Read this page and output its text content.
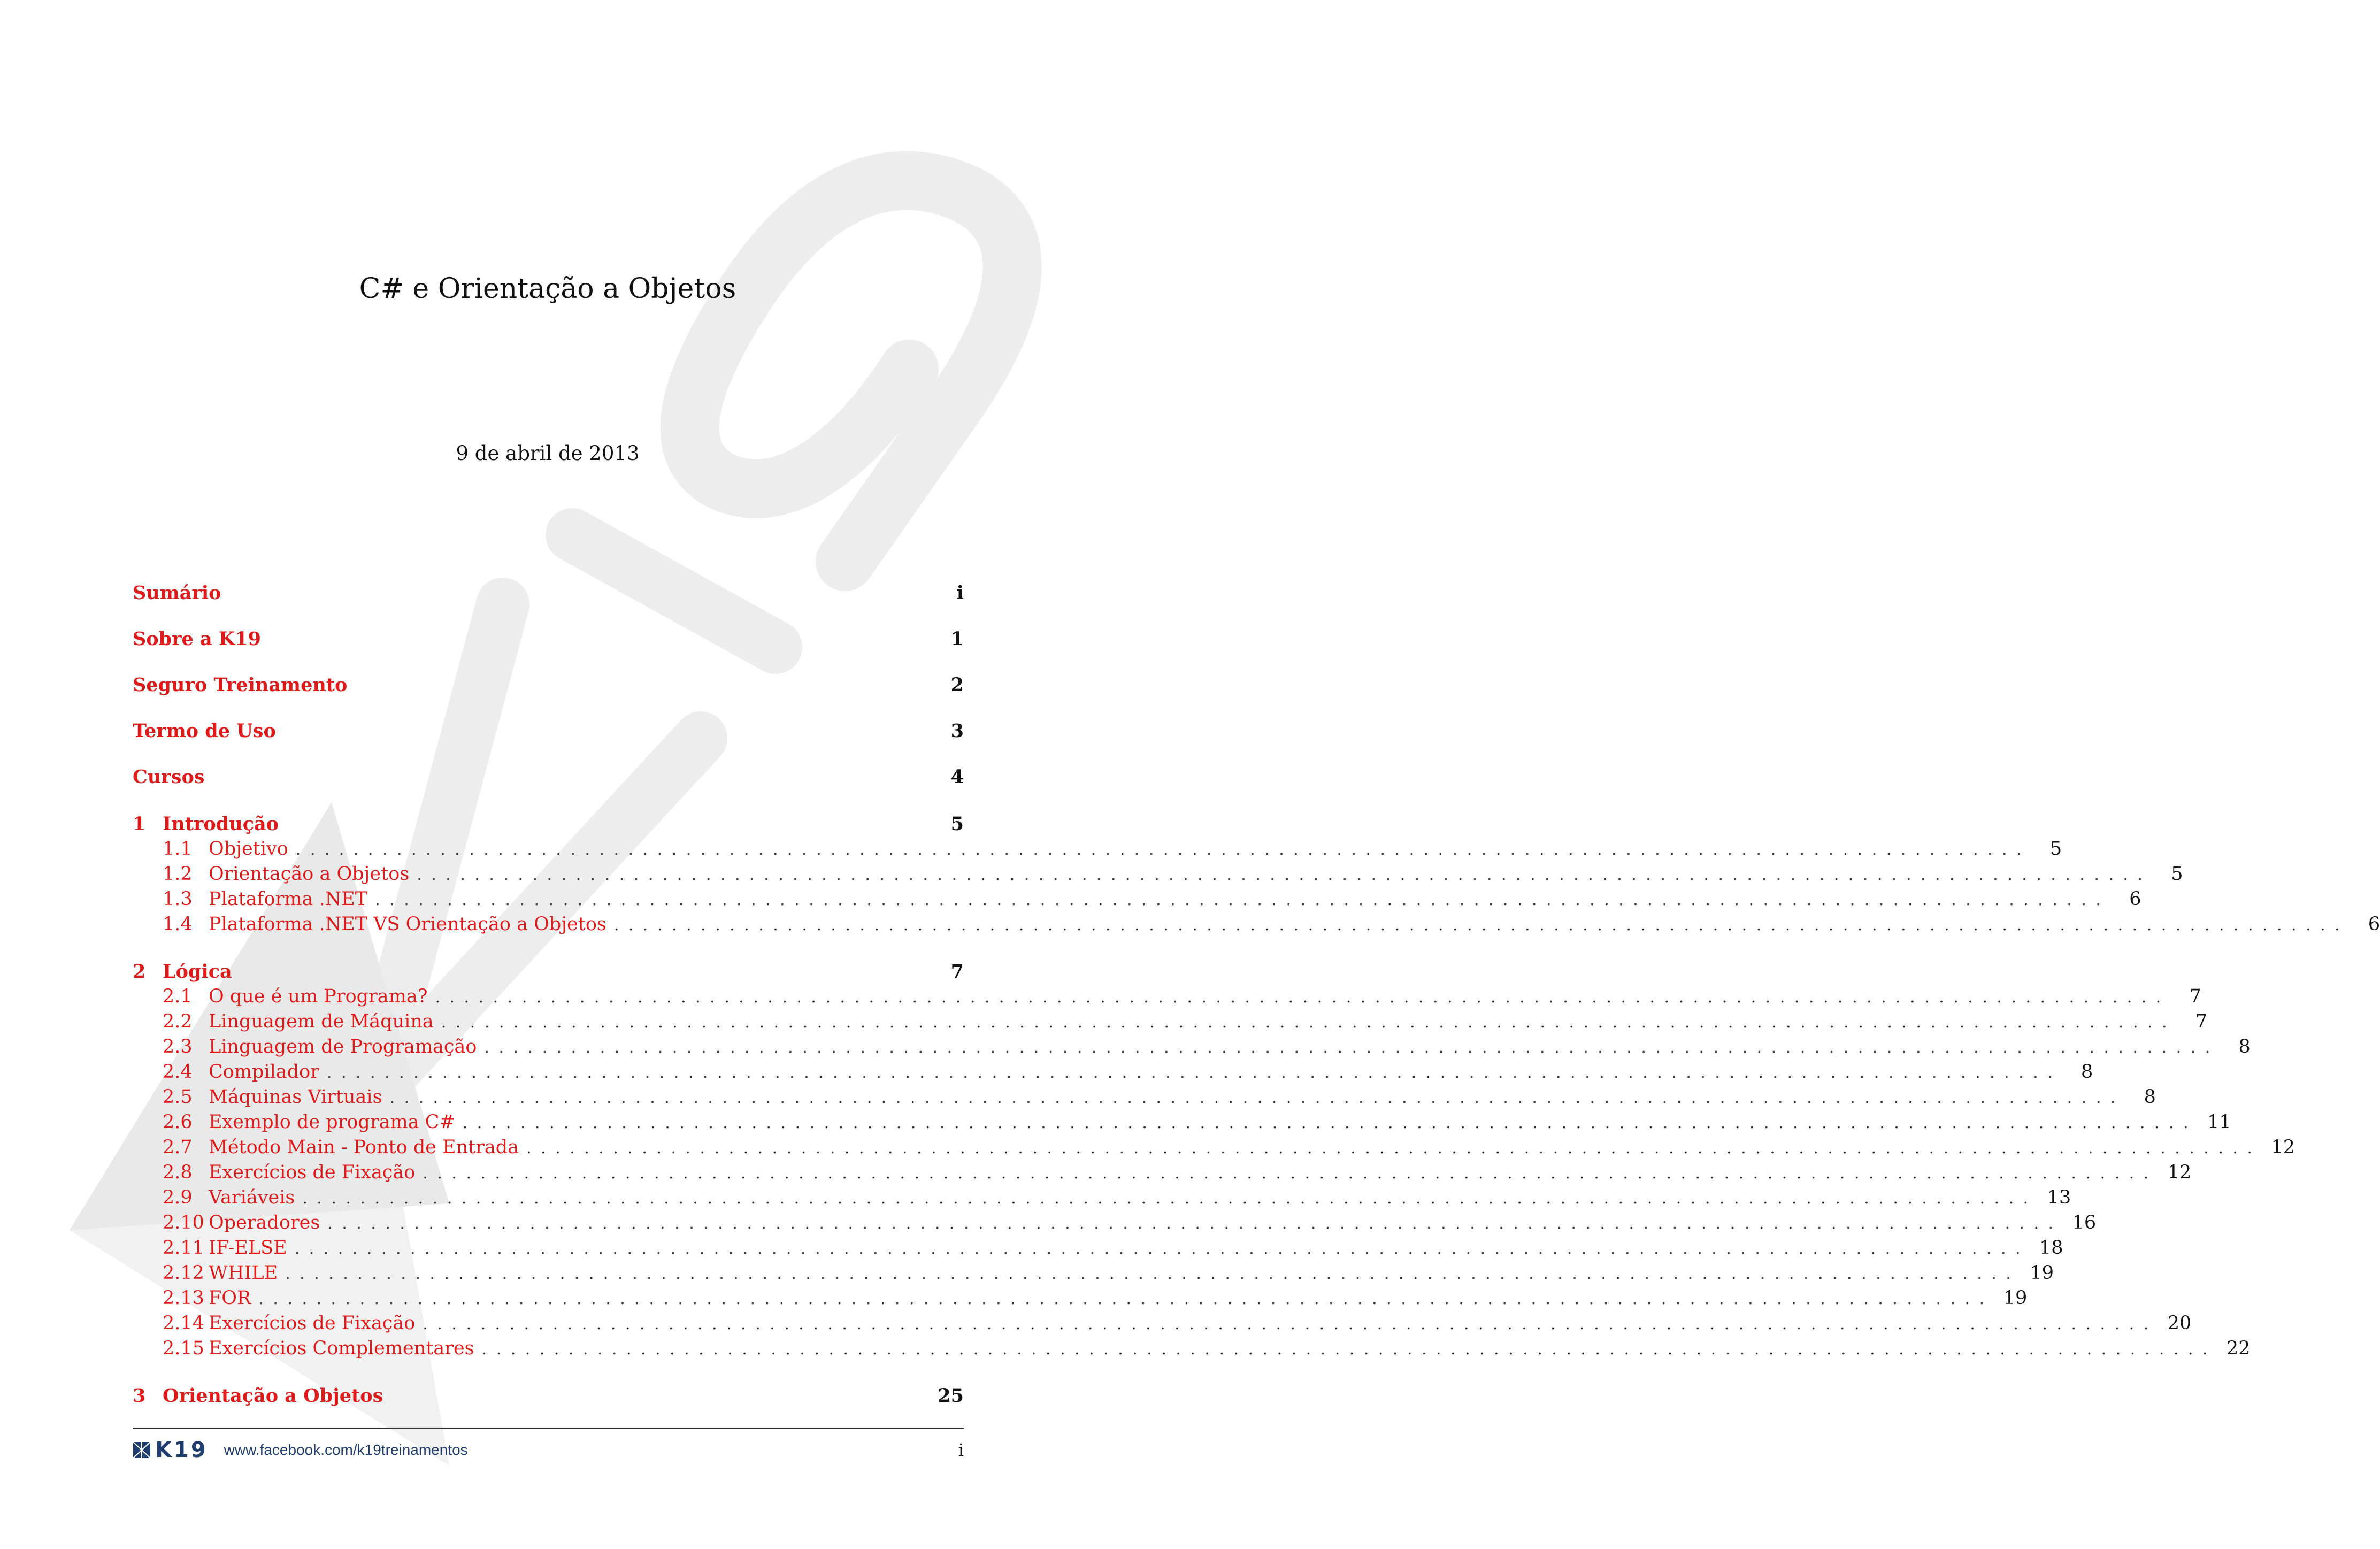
C# e Orientação a Objetos
9 de abril de 2013
Sumário	i
Sobre a K19	1
Seguro Treinamento	2
Termo de Uso	3
Cursos	4
1 Introdução	5
1.1 Objetivo ........................................................................................................................	5
1.2 Orientação a Objetos ........................................................................................................................	5
1.3 Plataforma .NET ........................................................................................................................	6
1.4 Plataforma .NET VS Orientação a Objetos ........................................................................................................................	6
2 Lógica	7
2.1 O que é um Programa? ........................................................................................................................	7
2.2 Linguagem de Máquina ........................................................................................................................	7
2.3 Linguagem de Programação ........................................................................................................................	8
2.4 Compilador ........................................................................................................................	8
2.5 Máquinas Virtuais ........................................................................................................................	8
2.6 Exemplo de programa C# ........................................................................................................................ 11
2.7 Método Main - Ponto de Entrada ........................................................................................................................ 12
2.8 Exercícios de Fixação ........................................................................................................................ 12
2.9 Variáveis ........................................................................................................................ 13
2.10 Operadores ........................................................................................................................ 16
2.11 IF-ELSE ........................................................................................................................ 18
2.12 WHILE ........................................................................................................................ 19
2.13 FOR ........................................................................................................................ 19
2.14 Exercícios de Fixação ........................................................................................................................ 20
2.15 Exercícios Complementares ........................................................................................................................ 22
3 Orientação a Objetos	25
K19 www.facebook.com/k19treinamentos	i
